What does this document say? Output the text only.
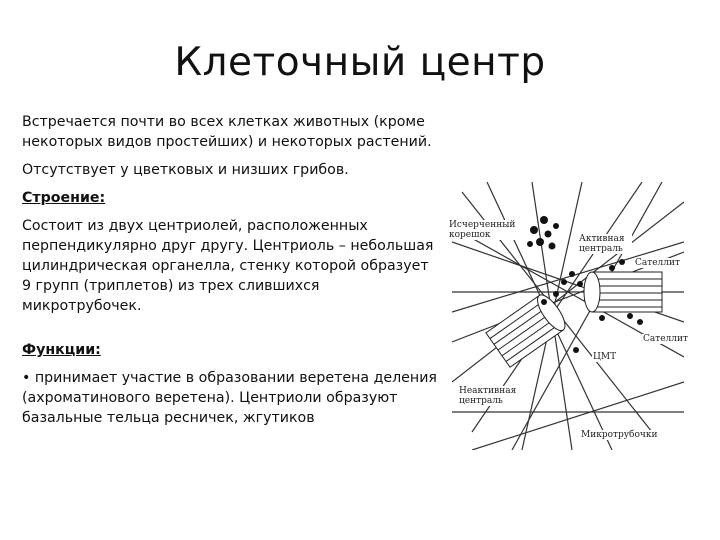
Клеточный центр

Встречается почти во всех клетках животных (кроме некоторых видов простейших) и некоторых растений.

Отсутствует у цветковых и низших грибов.

Строение:

Состоит из двух центриолей, расположенных перпендикулярно друг другу. Центриоль – небольшая цилиндрическая органелла, стенку которой образует 9 групп (триплетов) из трех слившихся микротрубочек.

Функции:

• принимает участие в образовании веретена деления (ахроматинового веретена). Центриоли образуют базальные тельца ресничек, жгутиков

Исчерченный корешок	Активная централь
Сателлит
Сателлит
ЦМТ
Неактивная централь
Микротрубочки
